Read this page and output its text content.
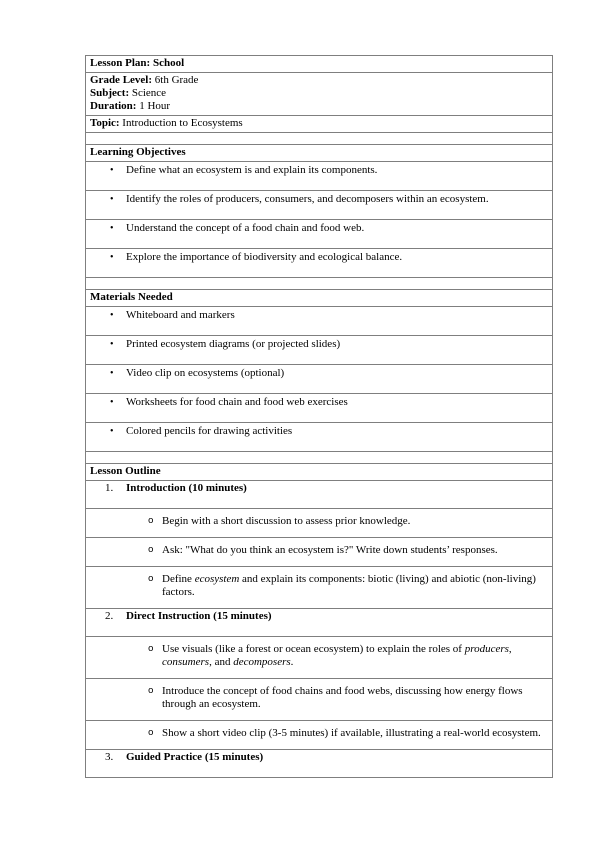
Lesson Plan: School

Grade Level: 6th Grade
Subject: Science
Duration: 1 Hour

Topic: Introduction to Ecosystems

Learning Objectives

• Define what an ecosystem is and explain its components.

• Identify the roles of producers, consumers, and decomposers within an ecosystem.

• Understand the concept of a food chain and food web.

• Explore the importance of biodiversity and ecological balance.

Materials Needed

• Whiteboard and markers

• Printed ecosystem diagrams (or projected slides)

• Video clip on ecosystems (optional)

• Worksheets for food chain and food web exercises

• Colored pencils for drawing activities

Lesson Outline

1. Introduction (10 minutes)

o Begin with a short discussion to assess prior knowledge.

o Ask: "What do you think an ecosystem is?" Write down students’ responses.

o Define ecosystem and explain its components: biotic (living) and abiotic (non-living) factors.

2. Direct Instruction (15 minutes)

o Use visuals (like a forest or ocean ecosystem) to explain the roles of producers, consumers, and decomposers.

o Introduce the concept of food chains and food webs, discussing how energy flows through an ecosystem.

o Show a short video clip (3-5 minutes) if available, illustrating a real-world ecosystem.

3. Guided Practice (15 minutes)
